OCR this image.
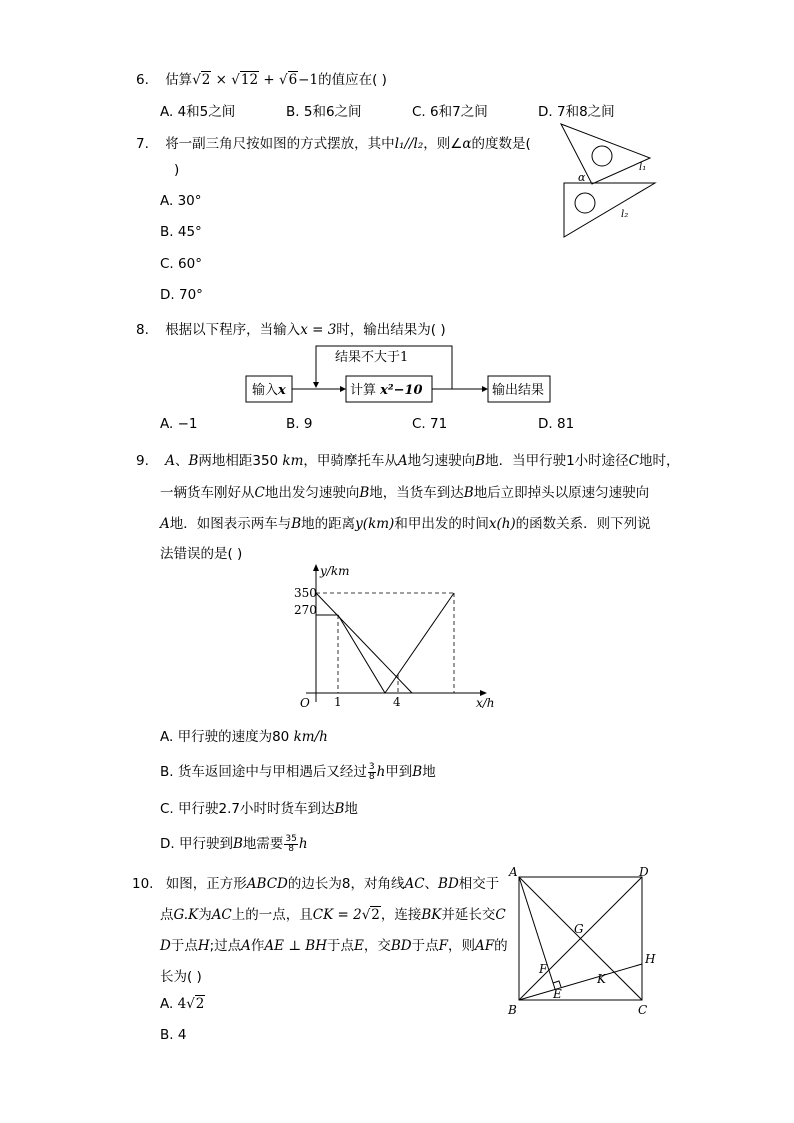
6. 估算√2 × √12 + √6−1的值应在( )
A. 4和5之间	B. 5和6之间	C. 6和7之间	D. 7和8之间
7. 将一副三角尺按如图的方式摆放，其中l₁//l₂，则∠α的度数是(
)
A. 30°
B. 45°
C. 60°
D. 70°
α
l₁
l₂
8. 根据以下程序，当输入x = 3时，输出结果为( )
输入x	计算 x²−10
结果不大于1
输出结果
A. −1	B. 9	C. 71	D. 81
9. A、B两地相距350 km，甲骑摩托车从A地匀速驶向B地．当甲行驶1小时途径C地时，
一辆货车刚好从C地出发匀速驶向B地，当货车到达B地后立即掉头以原速匀速驶向
A地．如图表示两车与B地的距离y(km)和甲出发的时间x(h)的函数关系．则下列说
法错误的是( )
y/km
x/h
O
350
270
1	4
A. 甲行驶的速度为80 km/h
B. 货车返回途中与甲相遇后又经过 $\frac{3}{8}$ h甲到B地
C. 甲行驶2.7小时时货车到达B地
D. 甲行驶到B地需要 $\frac{35}{8}$ h
10. 如图，正方形ABCD的边长为8，对角线AC、BD相交于
点G.K为AC上的一点，且CK = 2√2，连接BK并延长交C
D于点H;过点A作AE ⊥ BH于点E，交BD于点F，则AF的
长为( )
A. 4√2
B. 4
A	D
B	C
G
H
F
K
E
